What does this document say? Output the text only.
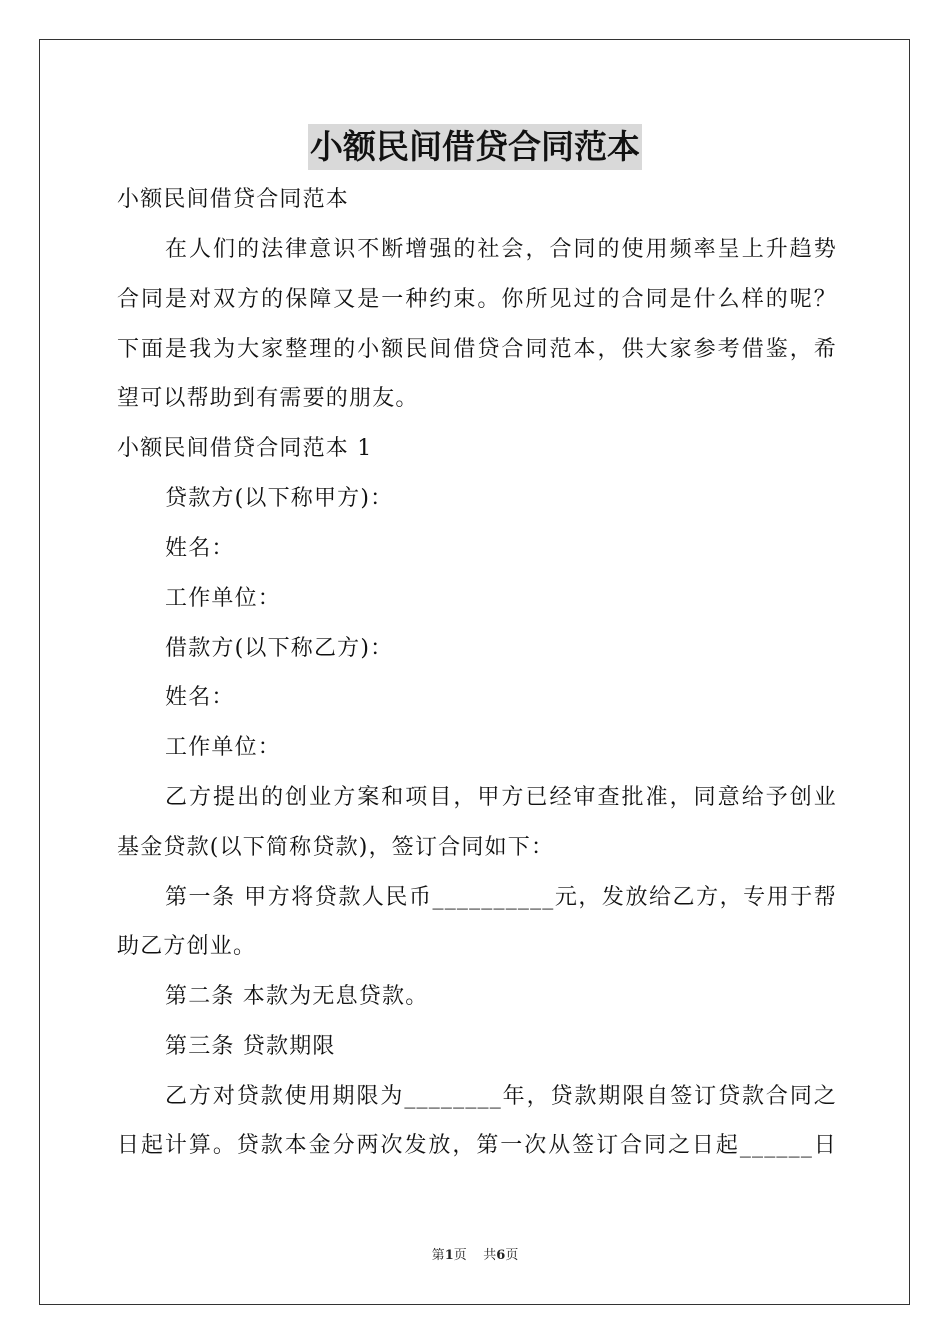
小额民间借贷合同范本
小额民间借贷合同范本
在人们的法律意识不断增强的社会，合同的使用频率呈上升趋势
合同是对双方的保障又是一种约束。你所见过的合同是什么样的呢？
下面是我为大家整理的小额民间借贷合同范本，供大家参考借鉴，希
望可以帮助到有需要的朋友。
小额民间借贷合同范本 1
贷款方(以下称甲方)：
姓名：
工作单位：
借款方(以下称乙方)：
姓名：
工作单位：
乙方提出的创业方案和项目，甲方已经审查批准，同意给予创业
基金贷款(以下简称贷款)，签订合同如下：
第一条 甲方将贷款人民币__________元，发放给乙方，专用于帮
助乙方创业。
第二条 本款为无息贷款。
第三条 贷款期限
乙方对贷款使用期限为________年，贷款期限自签订贷款合同之
日起计算。贷款本金分两次发放，第一次从签订合同之日起______日
第1页    共6页
